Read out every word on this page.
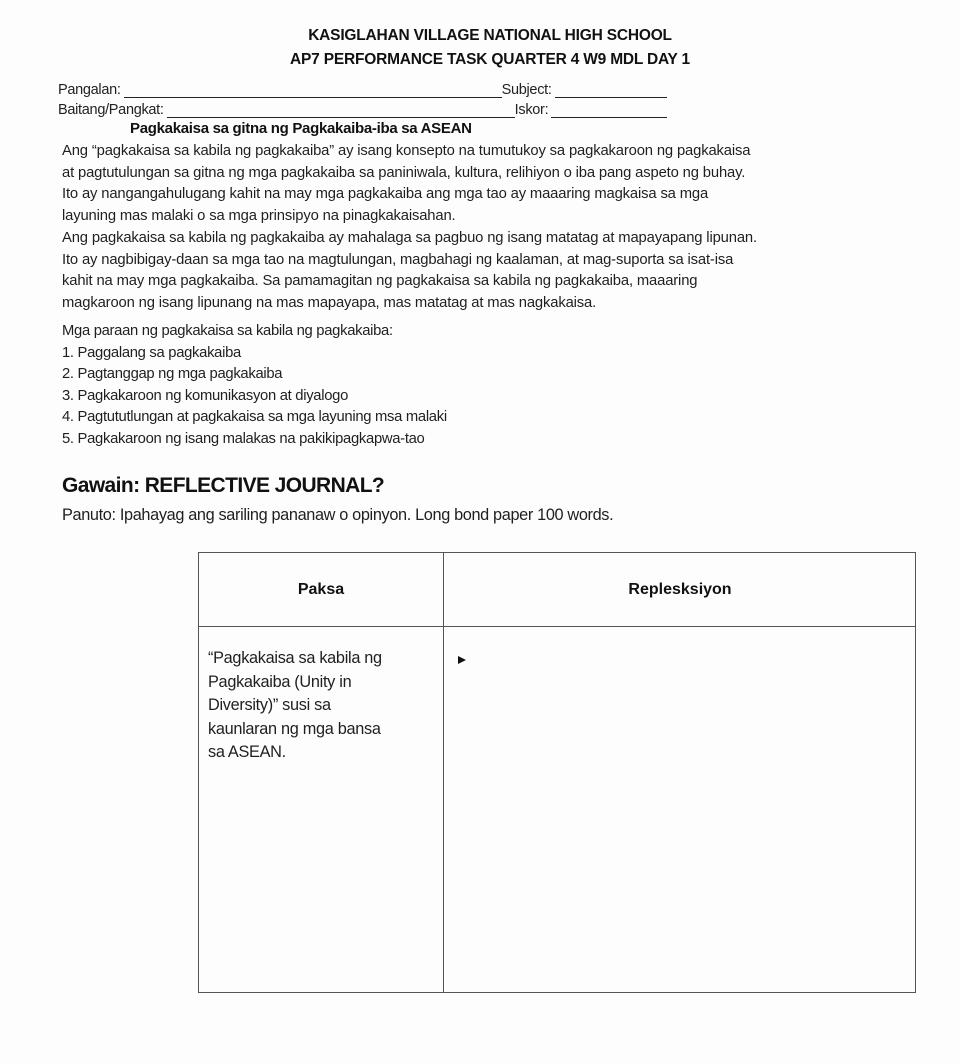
KASIGLAHAN VILLAGE NATIONAL HIGH SCHOOL
AP7 PERFORMANCE TASK QUARTER 4 W9 MDL DAY 1
Pangalan:	Subject:
Baitang/Pangkat:	Iskor:
Pagkakaisa sa gitna ng Pagkakaiba-iba sa ASEAN
Ang “pagkakaisa sa kabila ng pagkakaiba” ay isang konsepto na tumutukoy sa pagkakaroon ng pagkakaisa
at pagtutulungan sa gitna ng mga pagkakaiba sa paniniwala, kultura, relihiyon o iba pang aspeto ng buhay.
Ito ay nangangahulugang kahit na may mga pagkakaiba ang mga tao ay maaaring magkaisa sa mga
layuning mas malaki o sa mga prinsipyo na pinagkakaisahan.
Ang pagkakaisa sa kabila ng pagkakaiba ay mahalaga sa pagbuo ng isang matatag at mapayapang lipunan.
Ito ay nagbibigay-daan sa mga tao na magtulungan, magbahagi ng kaalaman, at mag-suporta sa isat-isa
kahit na may mga pagkakaiba. Sa pamamagitan ng pagkakaisa sa kabila ng pagkakaiba, maaaring
magkaroon ng isang lipunang na mas mapayapa, mas matatag at mas nagkakaisa.
Mga paraan ng pagkakaisa sa kabila ng pagkakaiba:
1. Paggalang sa pagkakaiba
2. Pagtanggap ng mga pagkakaiba
3. Pagkakaroon ng komunikasyon at diyalogo
4. Pagtututlungan at pagkakaisa sa mga layuning msa malaki
5. Pagkakaroon ng isang malakas na pakikipagkapwa-tao
Gawain: REFLECTIVE JOURNAL?
Panuto: Ipahayag ang sariling pananaw o opinyon. Long bond paper 100 words.
Paksa	Replesksiyon
“Pagkakaisa sa kabila ng
Pagkakaiba (Unity in
Diversity)” susi sa
kaunlaran ng mga bansa
sa ASEAN.
